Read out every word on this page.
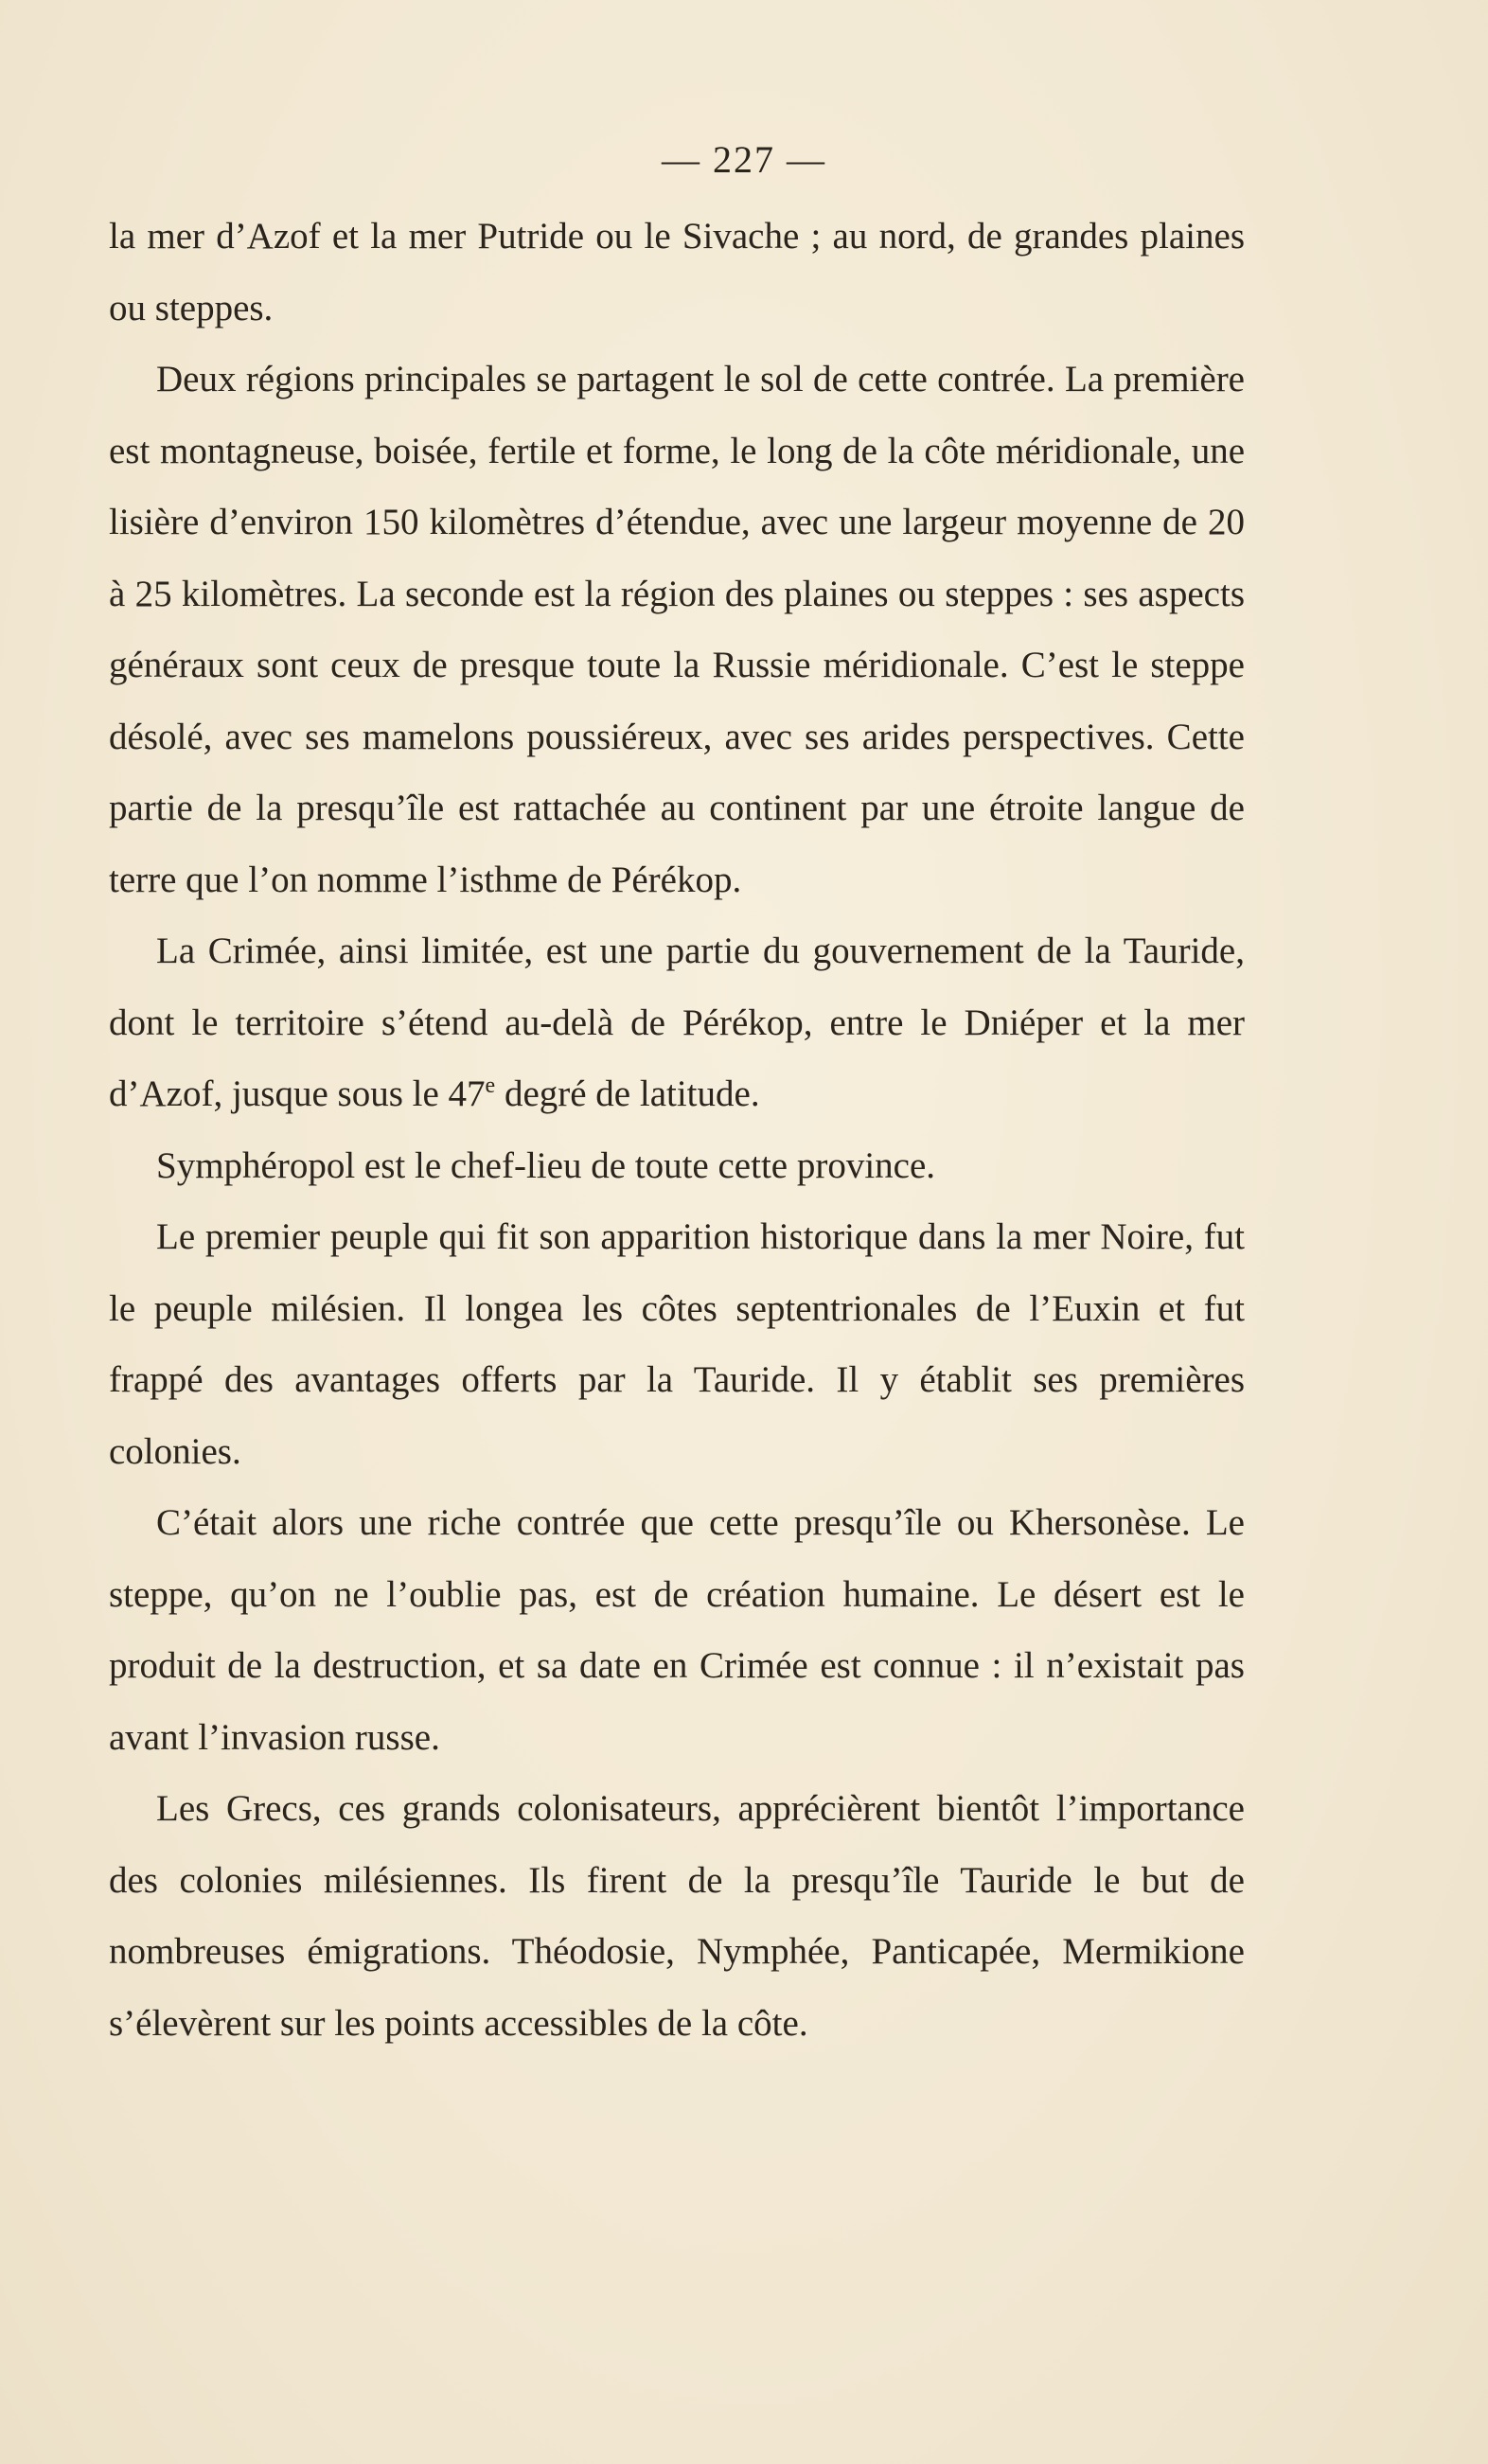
— 227 —

la mer d’Azof et la mer Putride ou le Sivache ; au nord, de grandes plaines ou steppes.

Deux régions principales se partagent le sol de cette contrée. La première est montagneuse, boisée, fertile et forme, le long de la côte méridionale, une lisière d’environ 150 kilomètres d’étendue, avec une largeur moyenne de 20 à 25 kilomètres. La seconde est la région des plaines ou steppes : ses aspects généraux sont ceux de presque toute la Russie méridionale. C’est le steppe désolé, avec ses mamelons poussiéreux, avec ses arides perspectives. Cette partie de la presqu’île est rattachée au continent par une étroite langue de terre que l’on nomme l’isthme de Pérékop.

La Crimée, ainsi limitée, est une partie du gouvernement de la Tauride, dont le territoire s’étend au-delà de Pérékop, entre le Dniéper et la mer d’Azof, jusque sous le 47e degré de latitude.

Symphéropol est le chef-lieu de toute cette province.

Le premier peuple qui fit son apparition historique dans la mer Noire, fut le peuple milésien. Il longea les côtes septentrionales de l’Euxin et fut frappé des avantages offerts par la Tauride. Il y établit ses premières colonies.

C’était alors une riche contrée que cette presqu’île ou Khersonèse. Le steppe, qu’on ne l’oublie pas, est de création humaine. Le désert est le produit de la destruction, et sa date en Crimée est connue : il n’existait pas avant l’invasion russe.

Les Grecs, ces grands colonisateurs, apprécièrent bientôt l’importance des colonies milésiennes. Ils firent de la presqu’île Tauride le but de nombreuses émigrations. Théodosie, Nymphée, Panticapée, Mermikione s’élevèrent sur les points accessibles de la côte.
